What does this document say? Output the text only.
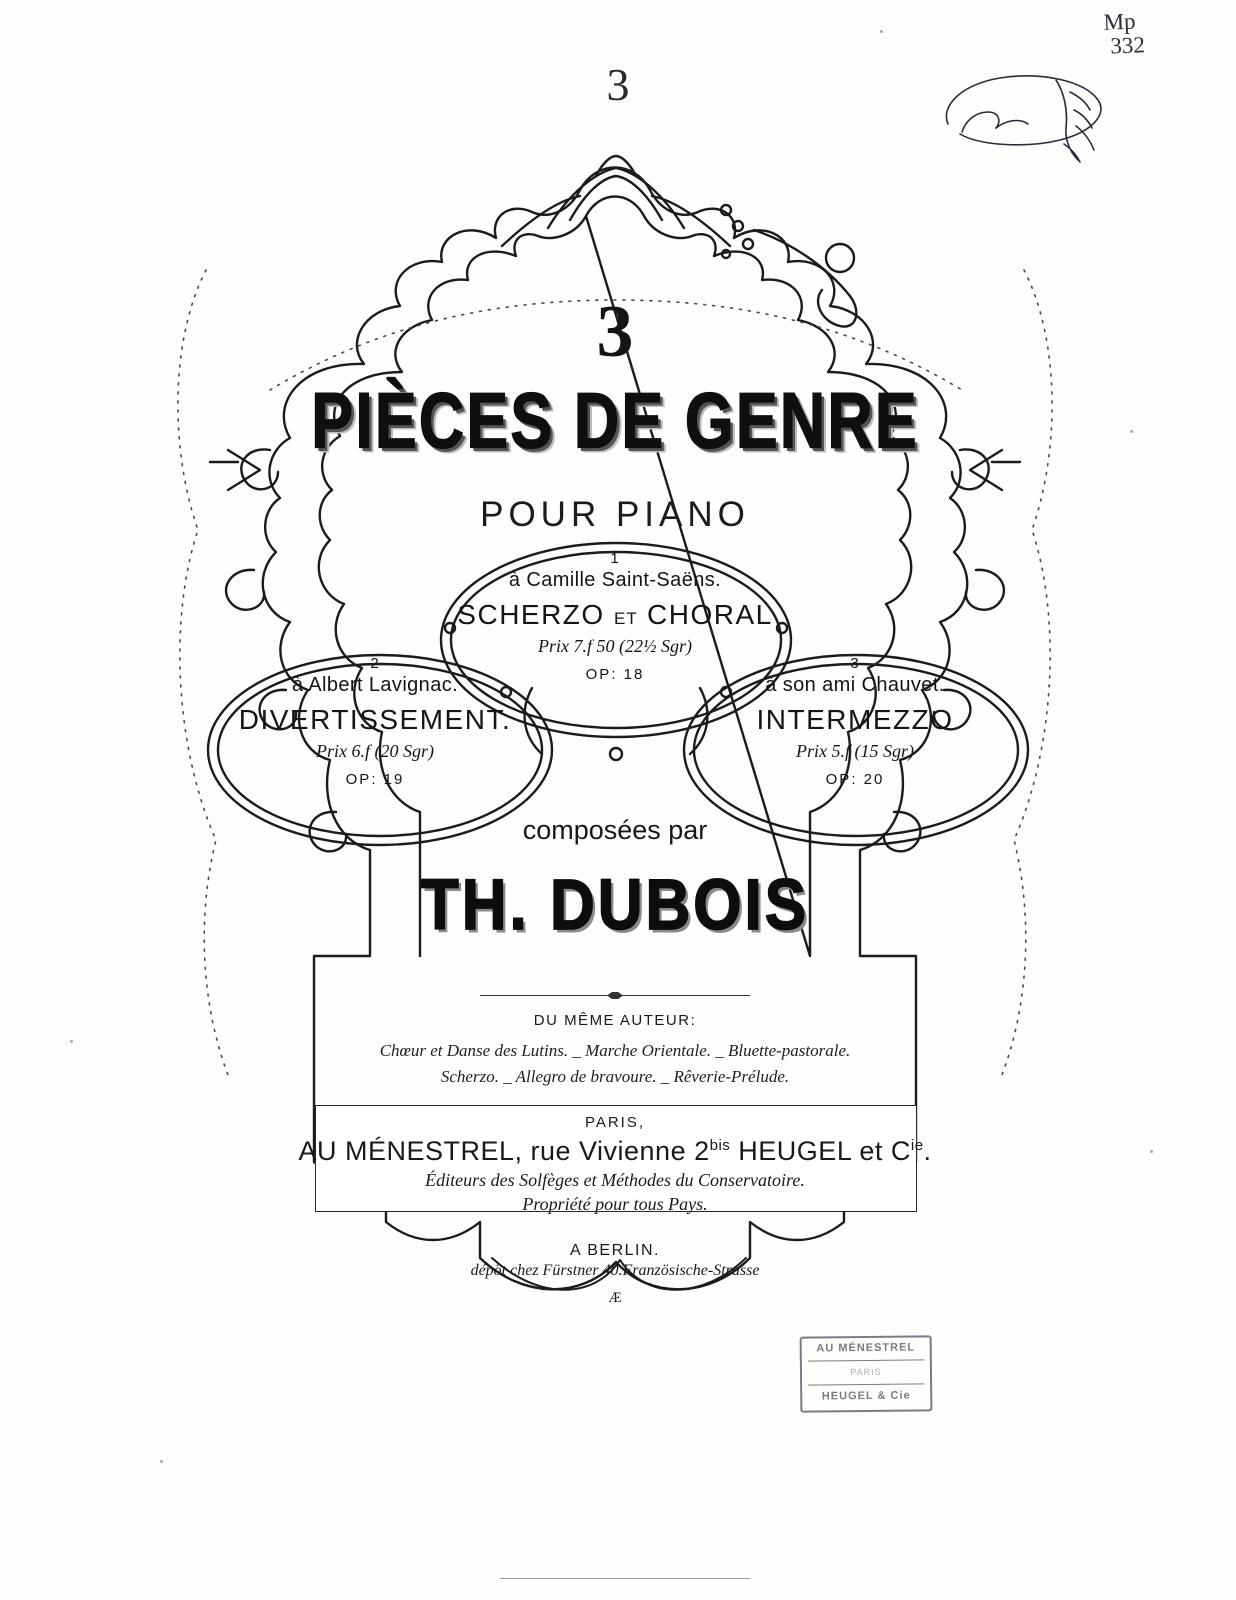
Mp
332
3
3
PIÈCES DE GENRE
POUR PIANO
1
à Camille Saint-Saëns.
SCHERZO ET CHORAL
Prix 7.f 50 (22½ Sgr)
OP: 18
2
à Albert Lavignac.
DIVERTISSEMENT.
Prix 6.f (20 Sgr)
OP: 19
3
à son ami Chauvet.
INTERMEZZO
Prix 5.f (15 Sgr)
OP: 20
composées par
TH. DUBOIS
DU MÊME AUTEUR:
Chœur et Danse des Lutins. _ Marche Orientale. _ Bluette-pastorale.
Scherzo. _ Allegro de bravoure. _ Rêverie-Prélude.
PARIS,
AU MÉNESTREL, rue Vivienne $2^{bis}$ HEUGEL et $C^{ie}$.
Éditeurs des Solfèges et Méthodes du Conservatoire.
Propriété pour tous Pays.
A BERLIN.
dépôt chez Fürstner 40.Französische-Strasse
Æ
AU MÉNESTREL
PARIS
HEUGEL & Cie
